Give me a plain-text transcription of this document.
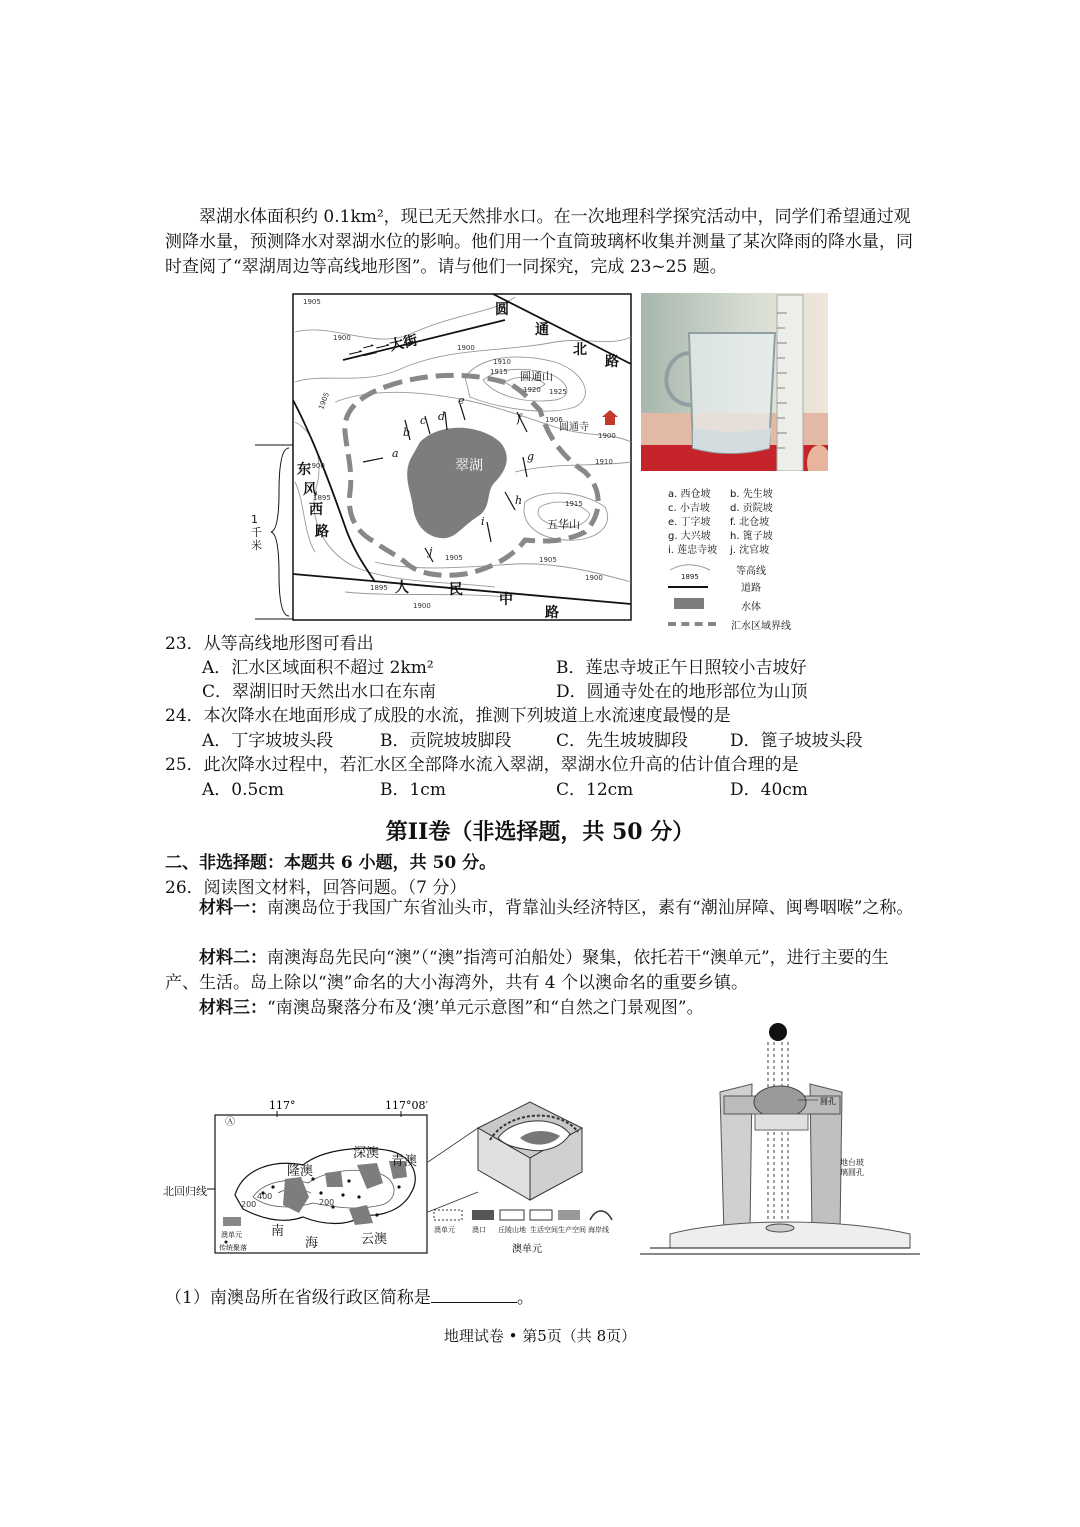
翠湖水体面积约 0.1km²，现已无天然排水口。在一次地理科学探究活动中，同学们希望通过观测降水量，预测降水对翠湖水位的影响。他们用一个直筒玻璃杯收集并测量了某次降雨的降水量，同时查阅了“翠湖周边等高线地形图”。请与他们一同探究，完成 23~25 题。

翠湖
a
b
c d
e
f
g
h
i
j
一二一大街
圆
通
北
路
东
风
西
路
人	民
中
路
圆通山
五华山
圆通寺
1905
1900
1900
1910
1915
1920 1925
1906
1905
1910
1900
1900
1895
1915
1905
1900
1895
1900
1905
1千米
a. 西仓坡 b. 先生坡
c. 小吉坡 d. 贡院坡
e. 丁字坡 f. 北仓坡
g. 大兴坡 h. 篦子坡
i. 莲忠寺坡 j. 沈官坡
1895	等高线
道路
水体
汇水区域界线
23．从等高线地形图可看出
A．汇水区域面积不超过 2km²	B．莲忠寺坡正午日照较小吉坡好
C．翠湖旧时天然出水口在东南	D．圆通寺处在的地形部位为山顶
24．本次降水在地面形成了成股的水流，推测下列坡道上水流速度最慢的是
A．丁字坡坡头段	B．贡院坡坡脚段	C．先生坡坡脚段 D．篦子坡坡头段
25．此次降水过程中，若汇水区全部降水流入翠湖，翠湖水位升高的估计值合理的是
A．0.5cm	B．1cm	C．12cm	D．40cm
第II卷（非选择题，共 50 分）
二、非选择题：本题共 6 小题，共 50 分。
26．阅读图文材料，回答问题。（7 分）

材料一：南澳岛位于我国广东省汕头市，背靠汕头经济特区，素有“潮汕屏障、闽粤咽喉”之称。

材料二：南澳海岛先民向“澳”（“澳”指湾可泊船处）聚集，依托若干“澳单元”，进行主要的生产、生活。岛上除以“澳”命名的大小海湾外，共有 4 个以澳命名的重要乡镇。

材料三：“南澳岛聚落分布及‘澳’单元示意图”和“自然之门景观图”。

117°	117°08′
Ⓐ
隆澳
深澳
青澳
云澳
南
海
200
400
200
澳单元
传统聚落
北回归线
澳单元 澳口 丘陵山地 生活空间 生产空间 海岸线
澳单元
圆孔
地台玻璃圆孔
（1）南澳岛所在省级行政区简称是	。
地理试卷 • 第5页（共 8页）
